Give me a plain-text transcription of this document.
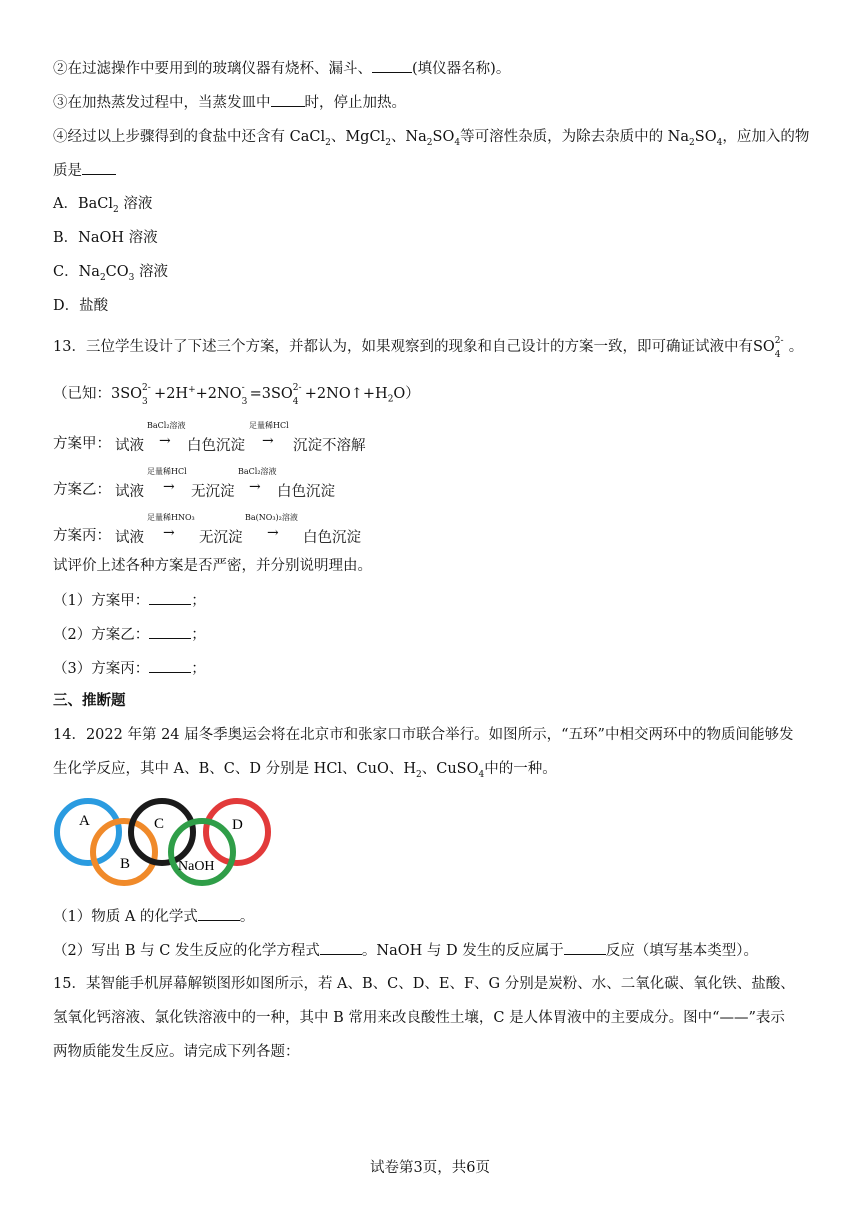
②在过滤操作中要用到的玻璃仪器有烧杯、漏斗、	(填仪器名称)。
③在加热蒸发过程中，当蒸发皿中 时，停止加热。
④经过以上步骤得到的食盐中还含有 CaCl$_2$、MgCl$_2$、$Na_2SO_4$等可溶性杂质，为除去杂质中的 $Na_2SO_4$，应加入的物
质是
A．BaCl$_2$ 溶液
B．NaOH 溶液
C．$Na_2CO_3$ 溶液
D．盐酸
13．三位学生设计了下述三个方案，并都认为，如果观察到的现象和自己设计的方案一致，即可确证试液中有SO 2-
4 。
（已知：3SO 2-
3 +2H++2NO -
3 =3SO 2-
$4 +2NO↑+H_2O$）
方案甲： 试液
BaCl₂溶液
→ 白色沉淀
足量稀HCl
→ 沉淀不溶解
方案乙： 试液
足量稀HCl
→ 无沉淀
BaCl₂溶液
→ 白色沉淀
方案丙： 试液
足量稀HNO₃
→ 无沉淀
Ba(NO₃)₂溶液
→ 白色沉淀
试评价上述各种方案是否严密，并分别说明理由。
（1）方案甲：	；
（2）方案乙：	；
（3）方案丙：	；
三、推断题
14．2022 年第 24 届冬季奥运会将在北京市和张家口市联合举行。如图所示，“五环”中相交两环中的物质间能够发
生化学反应，其中 A、B、C、D 分别是 HCl、CuO、$H_2$、CuSO$_4$中的一种。
A
B
C
NaOH
D
（1）物质 A 的化学式	。
（2）写出 B 与 C 发生反应的化学方程式	。NaOH 与 D 发生的反应属于	反应（填写基本类型）。
15．某智能手机屏幕解锁图形如图所示，若 A、B、C、D、E、F、G 分别是炭粉、水、二氧化碳、氧化铁、盐酸、
氢氧化钙溶液、氯化铁溶液中的一种，其中 B 常用来改良酸性土壤，C 是人体胃液中的主要成分。图中“——”表示
两物质能发生反应。请完成下列各题：
试卷第3页，共6页
